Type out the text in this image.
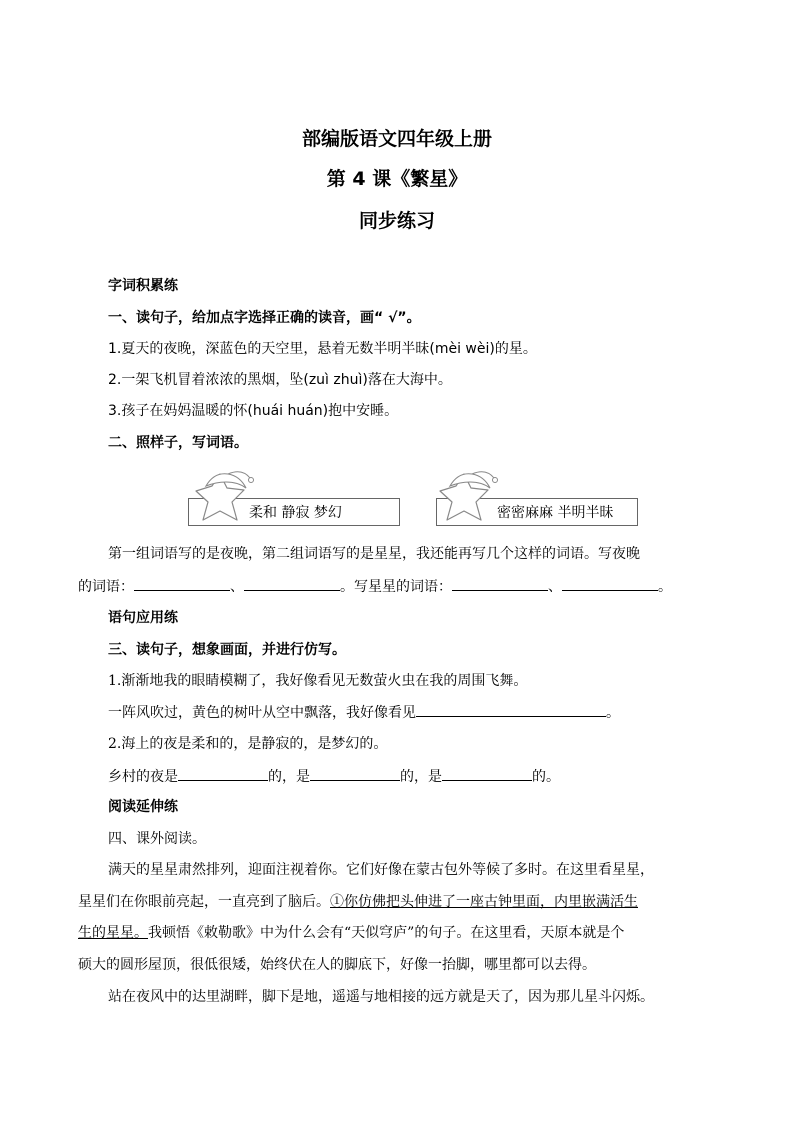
部编版语文四年级上册
第 4 课《繁星》
同步练习
字词积累练
一、读句子，给加点字选择正确的读音，画“ √”。
1.夏天的夜晚，深蓝色的天空里，悬着无数半明半昧(mèi wèi)的星。
2.一架飞机冒着浓浓的黑烟，坠(zuì zhuì)落在大海中。
3.孩子在妈妈温暖的怀(huái huán)抱中安睡。
二、照样子，写词语。
柔和 静寂 梦幻	密密麻麻 半明半昧
第一组词语写的是夜晚，第二组词语写的是星星，我还能再写几个这样的词语。写夜晚
的词语：	、	。写星星的词语：	、	。
语句应用练
三、读句子，想象画面，并进行仿写。
1.渐渐地我的眼睛模糊了，我好像看见无数萤火虫在我的周围飞舞。
一阵风吹过，黄色的树叶从空中飘落，我好像看见	。
2.海上的夜是柔和的，是静寂的，是梦幻的。
乡村的夜是	的，是	的，是	的。
阅读延伸练
四、课外阅读。
满天的星星肃然排列，迎面注视着你。它们好像在蒙古包外等候了多时。在这里看星星，
星星们在你眼前亮起，一直亮到了脑后。①你仿佛把头伸进了一座古钟里面，内里嵌满活生
生的星星。我顿悟《敕勒歌》中为什么会有“天似穹庐”的句子。在这里看，天原本就是个
硕大的圆形屋顶，很低很矮，始终伏在人的脚底下，好像一抬脚，哪里都可以去得。
站在夜风中的达里湖畔，脚下是地，遥遥与地相接的远方就是天了，因为那儿星斗闪烁。
